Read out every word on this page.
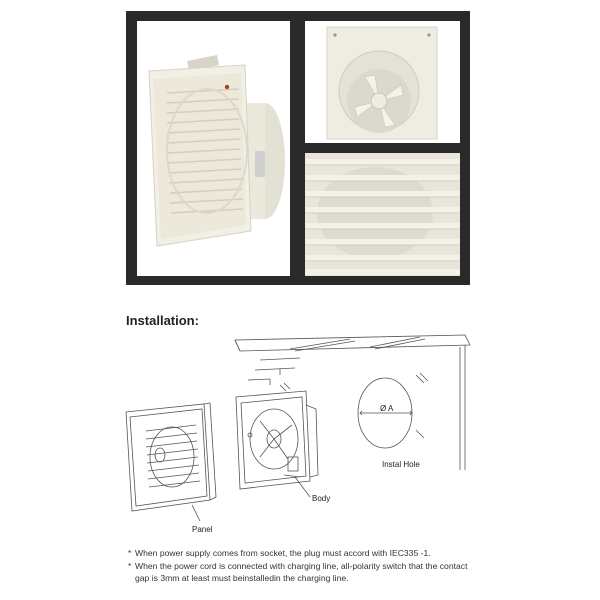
Installation:
Panel
Body
Instal Hole
Ø A
* When power supply comes from socket, the plug must accord with IEC335 -1.
* When the power cord is connected with charging line, all-polarity switch that the contact gap is 3mm at least must beinstalledin the charging line.
